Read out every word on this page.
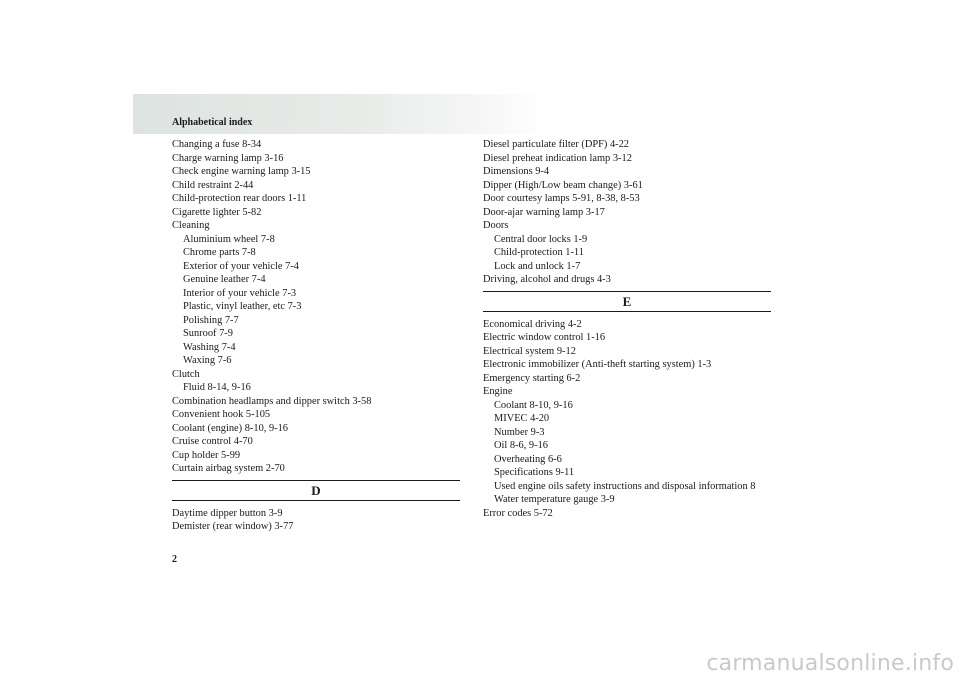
Alphabetical index
Changing a fuse 8-34
Charge warning lamp 3-16
Check engine warning lamp 3-15
Child restraint 2-44
Child-protection rear doors 1-11
Cigarette lighter 5-82
Cleaning
Aluminium wheel 7-8
Chrome parts 7-8
Exterior of your vehicle 7-4
Genuine leather 7-4
Interior of your vehicle 7-3
Plastic, vinyl leather, etc 7-3
Polishing 7-7
Sunroof 7-9
Washing 7-4
Waxing 7-6
Clutch
Fluid 8-14, 9-16
Combination headlamps and dipper switch 3-58
Convenient hook 5-105
Coolant (engine) 8-10, 9-16
Cruise control 4-70
Cup holder 5-99
Curtain airbag system 2-70
D
Daytime dipper button 3-9
Demister (rear window) 3-77
Diesel particulate filter (DPF) 4-22
Diesel preheat indication lamp 3-12
Dimensions 9-4
Dipper (High/Low beam change) 3-61
Door courtesy lamps 5-91, 8-38, 8-53
Door-ajar warning lamp 3-17
Doors
Central door locks 1-9
Child-protection 1-11
Lock and unlock 1-7
Driving, alcohol and drugs 4-3
E
Economical driving 4-2
Electric window control 1-16
Electrical system 9-12
Electronic immobilizer (Anti-theft starting system) 1-3
Emergency starting 6-2
Engine
Coolant 8-10, 9-16
MIVEC 4-20
Number 9-3
Oil 8-6, 9-16
Overheating 6-6
Specifications 9-11
Used engine oils safety instructions and disposal information 8
Water temperature gauge 3-9
Error codes 5-72
2
carmanualsonline.info
